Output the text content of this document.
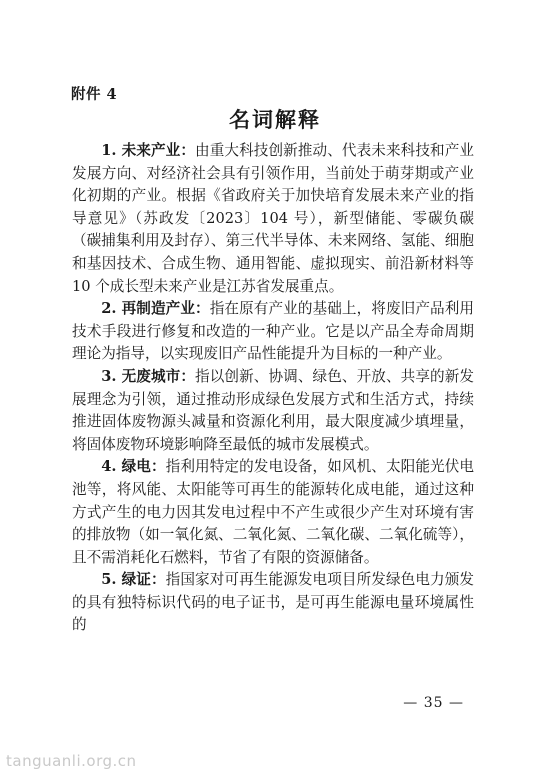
附件 4
名词解释

1. 未来产业：由重大科技创新推动、代表未来科技和产业发展方向、对经济社会具有引领作用，当前处于萌芽期或产业化初期的产业。根据《省政府关于加快培育发展未来产业的指导意见》（苏政发〔2023〕104 号），新型储能、零碳负碳（碳捕集利用及封存）、第三代半导体、未来网络、氢能、细胞和基因技术、合成生物、通用智能、虚拟现实、前沿新材料等 10 个成长型未来产业是江苏省发展重点。

2. 再制造产业：指在原有产业的基础上，将废旧产品利用技术手段进行修复和改造的一种产业。它是以产品全寿命周期理论为指导，以实现废旧产品性能提升为目标的一种产业。

3. 无废城市：指以创新、协调、绿色、开放、共享的新发展理念为引领，通过推动形成绿色发展方式和生活方式，持续推进固体废物源头减量和资源化利用，最大限度减少填埋量，将固体废物环境影响降至最低的城市发展模式。

4. 绿电：指利用特定的发电设备，如风机、太阳能光伏电池等，将风能、太阳能等可再生的能源转化成电能，通过这种方式产生的电力因其发电过程中不产生或很少产生对环境有害的排放物（如一氧化氮、二氧化氮、二氧化碳、二氧化硫等），且不需消耗化石燃料，节省了有限的资源储备。

5. 绿证：指国家对可再生能源发电项目所发绿色电力颁发的具有独特标识代码的电子证书，是可再生能源电量环境属性的

— 35 —
tanguanli.org.cn
